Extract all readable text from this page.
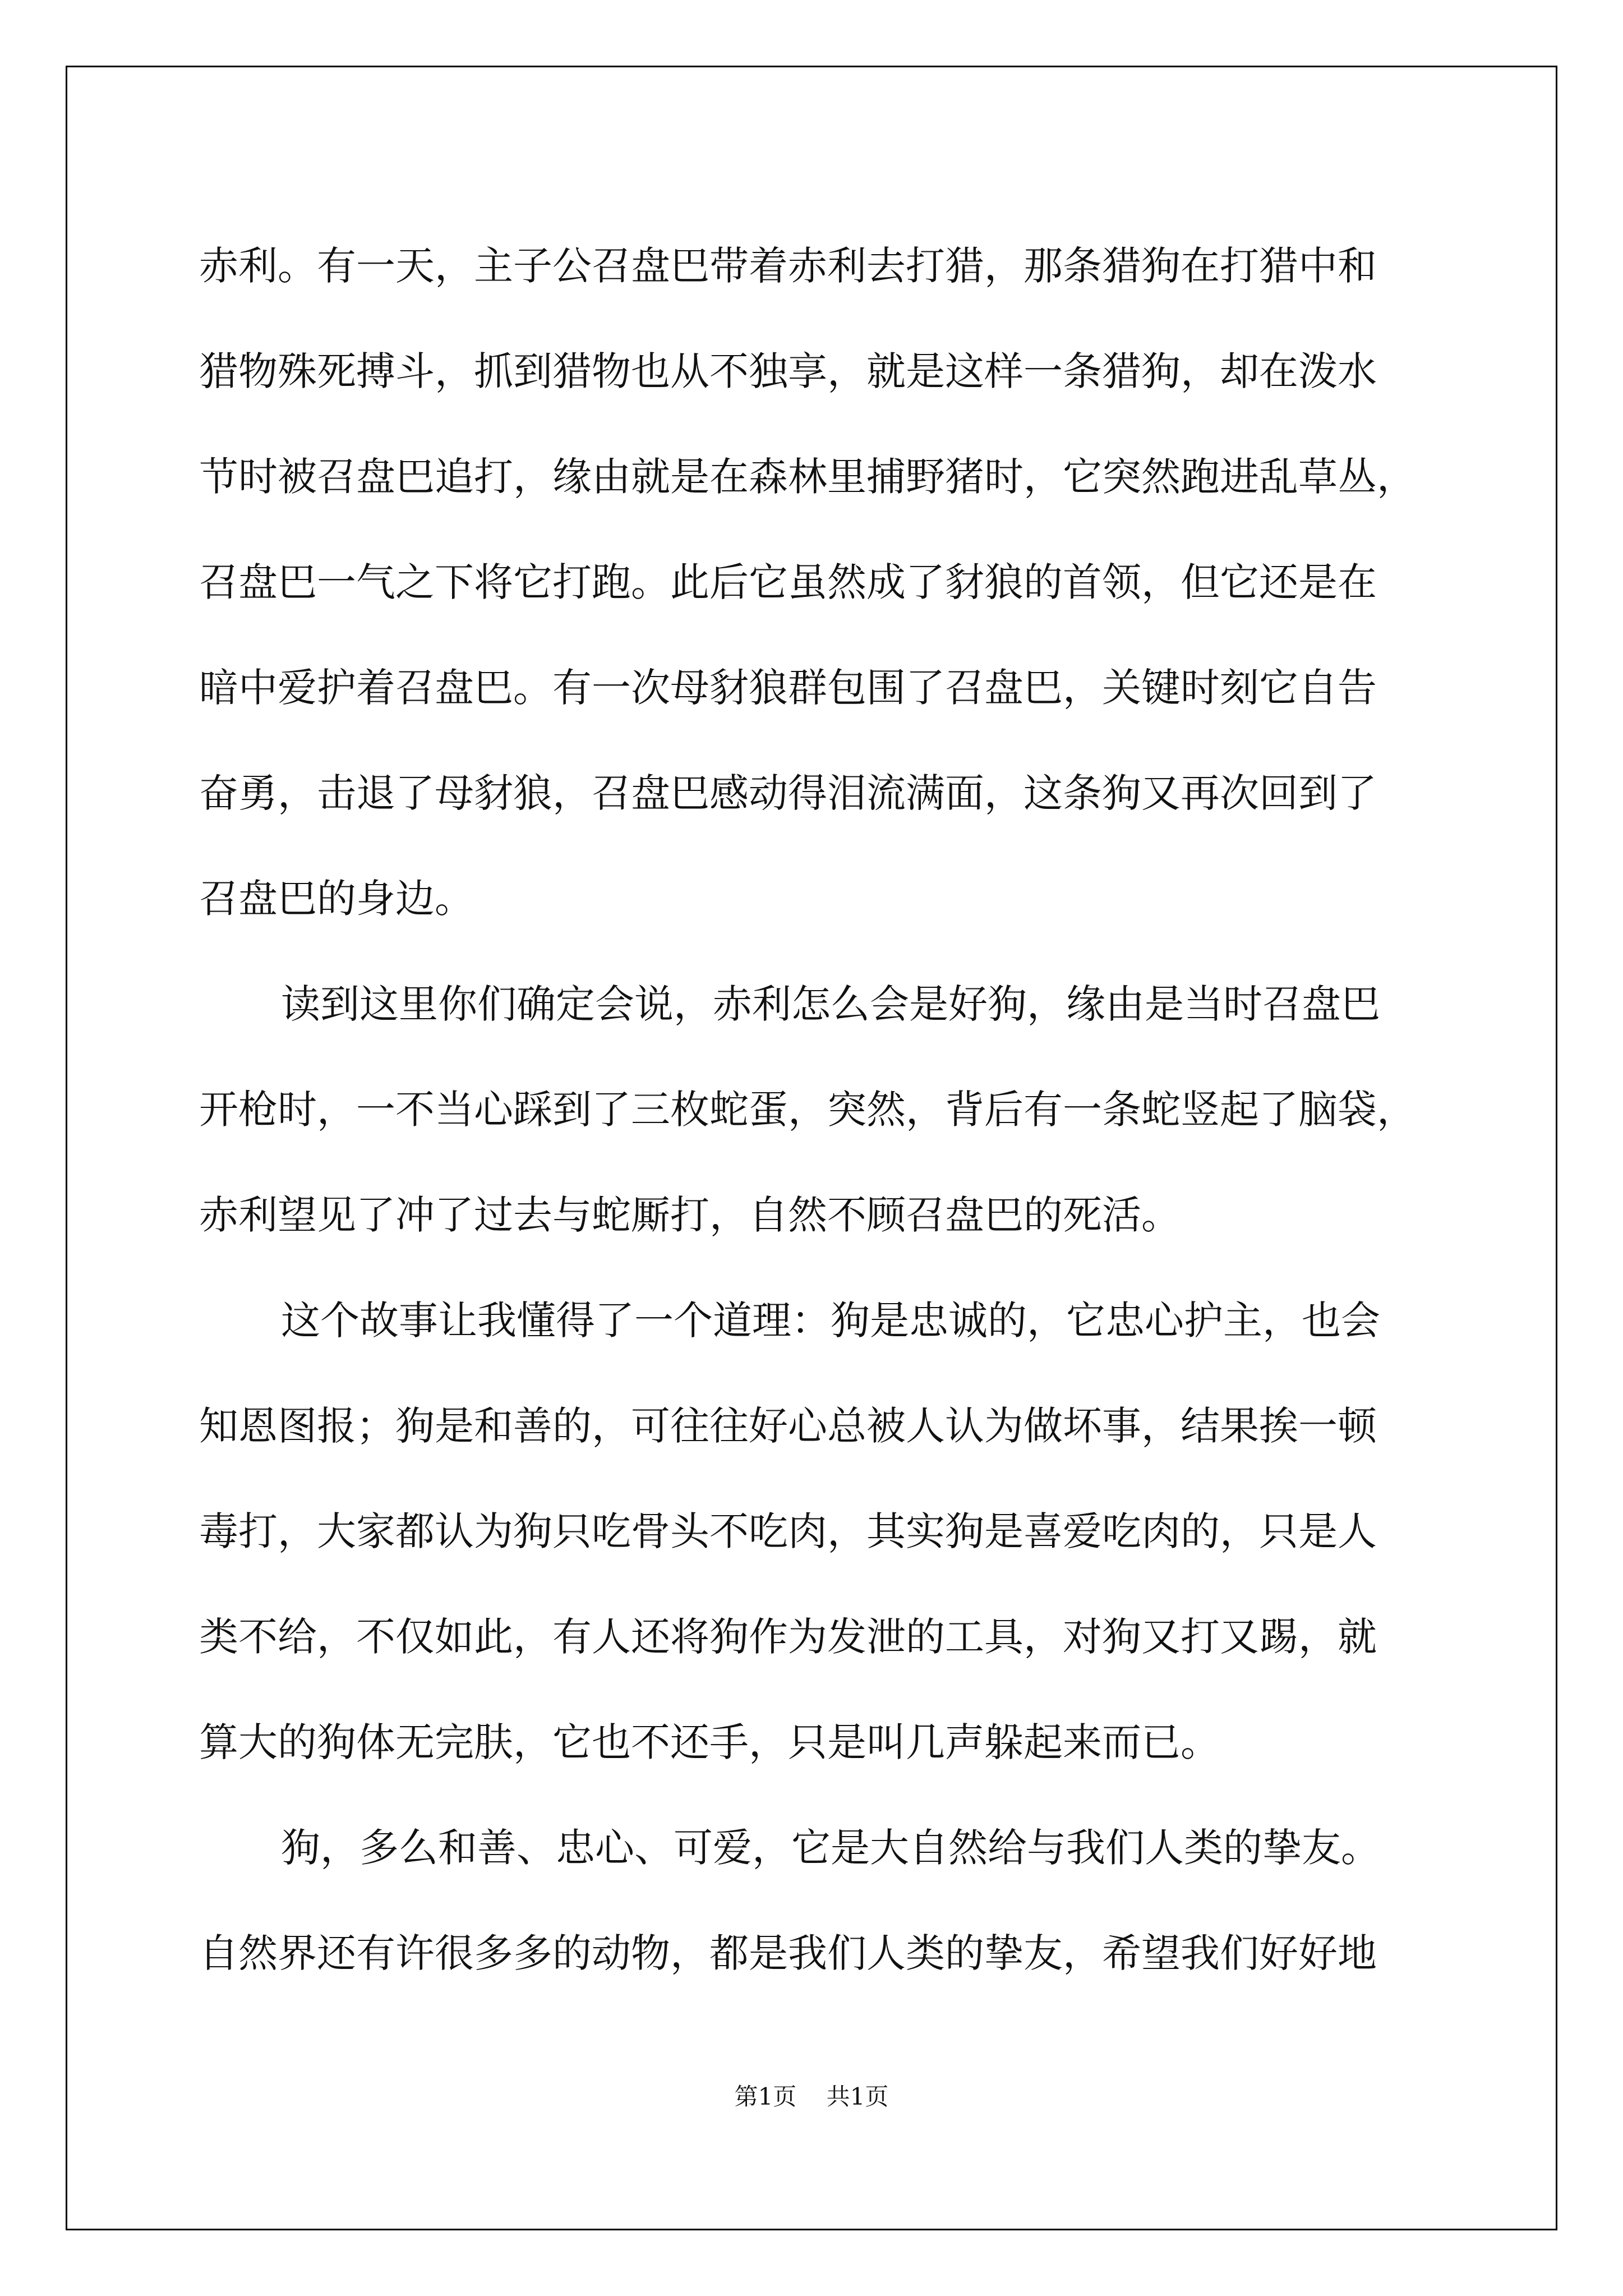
赤利。有一天，主子公召盘巴带着赤利去打猎，那条猎狗在打猎中和
猎物殊死搏斗，抓到猎物也从不独享，就是这样一条猎狗，却在泼水
节时被召盘巴追打，缘由就是在森林里捕野猪时，它突然跑进乱草丛，
召盘巴一气之下将它打跑。此后它虽然成了豺狼的首领，但它还是在
暗中爱护着召盘巴。有一次母豺狼群包围了召盘巴，关键时刻它自告
奋勇，击退了母豺狼，召盘巴感动得泪流满面，这条狗又再次回到了
召盘巴的身边。
读到这里你们确定会说，赤利怎么会是好狗，缘由是当时召盘巴
开枪时，一不当心踩到了三枚蛇蛋，突然，背后有一条蛇竖起了脑袋，
赤利望见了冲了过去与蛇厮打，自然不顾召盘巴的死活。
这个故事让我懂得了一个道理：狗是忠诚的，它忠心护主，也会
知恩图报；狗是和善的，可往往好心总被人认为做坏事，结果挨一顿
毒打，大家都认为狗只吃骨头不吃肉，其实狗是喜爱吃肉的，只是人
类不给，不仅如此，有人还将狗作为发泄的工具，对狗又打又踢，就
算大的狗体无完肤，它也不还手，只是叫几声躲起来而已。
狗，多么和善、忠心、可爱，它是大自然给与我们人类的挚友。
自然界还有许很多多的动物，都是我们人类的挚友，希望我们好好地
第1页 共1页
